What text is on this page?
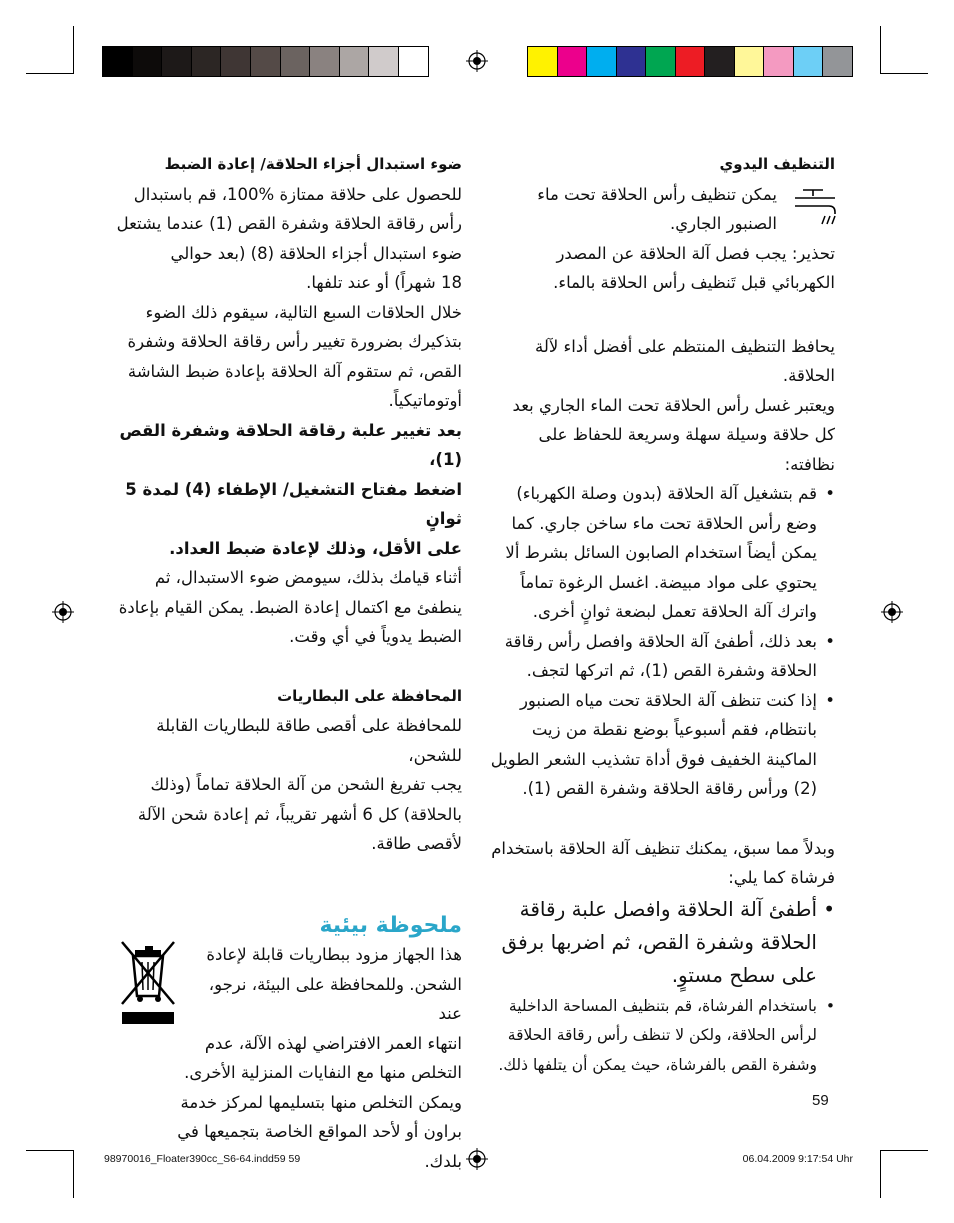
التنظيف اليدوي

يمكن تنظيف رأس الحلاقة تحت ماء

الصنبور الجاري.

تحذير: يجب فصل آلة الحلاقة عن المصدر

الكهربائي قبل تَنظيف رأس الحلاقة بالماء.

يحافظ التنظيف المنتظم على أفضل أداء لآلة الحلاقة.

ويعتبر غسل رأس الحلاقة تحت الماء الجاري بعد

كل حلاقة وسيلة سهلة وسريعة للحفاظ على نظافته:

• قم بتشغيل آلة الحلاقة (بدون وصلة الكهرباء)

وضع رأس الحلاقة تحت ماء ساخن جاري. كما

يمكن أيضاً استخدام الصابون السائل بشرط ألا

يحتوي على مواد مبيضة. اغسل الرغوة تماماً

واترك آلة الحلاقة تعمل لبضعة ثوانٍ أخرى.

• بعد ذلك، أطفئ آلة الحلاقة وافصل رأس رقاقة

الحلاقة وشفرة القص (1)، ثم اتركها لتجف.

• إذا كنت تنظف آلة الحلاقة تحت مياه الصنبور

بانتظام، فقم أسبوعياً بوضع نقطة من زيت

الماكينة الخفيف فوق أداة تشذيب الشعر الطويل

(2) ورأس رقاقة الحلاقة وشفرة القص (1).

وبدلاً مما سبق، يمكنك تنظيف آلة الحلاقة باستخدام

فرشاة كما يلي:

• أطفئ آلة الحلاقة وافصل علبة رقاقة

الحلاقة وشفرة القص، ثم اضربها برفق

على سطح مستوٍ.

• باستخدام الفرشاة، قم بتنظيف المساحة الداخلية

لرأس الحلاقة، ولكن لا تنظف رأس رقاقة الحلاقة

وشفرة القص بالفرشاة، حيث يمكن أن يتلفها ذلك.

ضوء استبدال أجزاء الحلاقة/ إعادة الضبط

للحصول على حلاقة ممتازة ‎100%‎، قم باستبدال

رأس رقاقة الحلاقة وشفرة القص (1) عندما يشتعل

ضوء استبدال أجزاء الحلاقة (8) (بعد حوالي

18 شهراً) أو عند تلفها.

خلال الحلاقات السبع التالية، سيقوم ذلك الضوء

بتذكيرك بضرورة تغيير رأس رقاقة الحلاقة وشفرة

القص، ثم ستقوم آلة الحلاقة بإعادة ضبط الشاشة

أوتوماتيكياً.

بعد تغيير علبة رقاقة الحلاقة وشفرة القص (1)،

اضغط مفتاح التشغيل/ الإطفاء (4) لمدة 5 ثوانٍ

على الأقل، وذلك لإعادة ضبط العداد.

أثناء قيامك بذلك، سيومض ضوء الاستبدال، ثم

ينطفئ مع اكتمال إعادة الضبط. يمكن القيام بإعادة

الضبط يدوياً في أي وقت.

المحافظة على البطاريات

للمحافظة على أقصى طاقة للبطاريات القابلة للشحن،

يجب تفريغ الشحن من آلة الحلاقة تماماً (وذلك

بالحلاقة) كل 6 أشهر تقريباً، ثم إعادة شحن الآلة

لأقصى طاقة.

ملحوظة بيئية

هذا الجهاز مزود ببطاريات قابلة لإعادة

الشحن. وللمحافظة على البيئة، نرجو، عند

انتهاء العمر الافتراضي لهذه الآلة، عدم

التخلص منها مع النفايات المنزلية الأخرى.

ويمكن التخلص منها بتسليمها لمركز خدمة

براون أو لأحد المواقع الخاصة بتجميعها في

بلدك.

59
98970016_Floater390cc_S6-64.indd59 59	06.04.2009 9:17:54 Uhr
